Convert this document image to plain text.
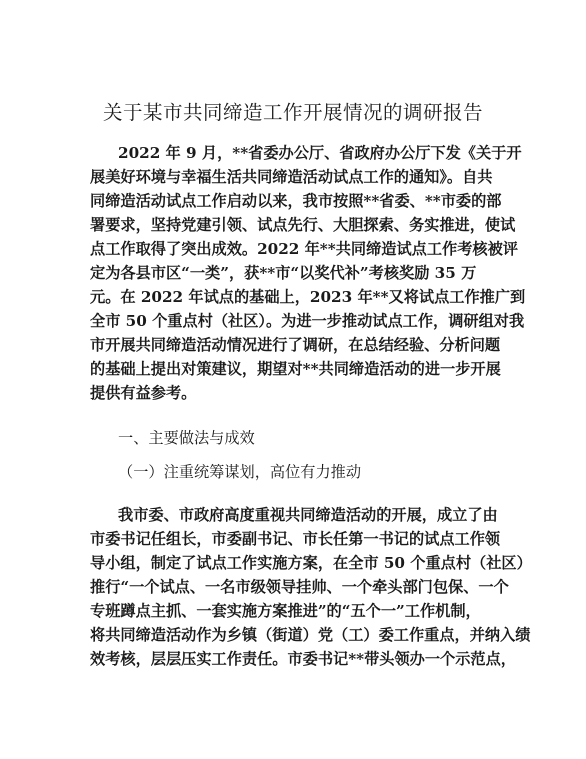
关于某市共同缔造工作开展情况的调研报告
2022 年 9 月，**省委办公厅、省政府办公厅下发《关于开
展美好环境与幸福生活共同缔造活动试点工作的通知》。自共
同缔造活动试点工作启动以来，我市按照**省委、**市委的部
署要求，坚持党建引领、试点先行、大胆探索、务实推进，使试
点工作取得了突出成效。2022 年**共同缔造试点工作考核被评
定为各县市区“一类”，获**市“以奖代补”考核奖励 35 万
元。在 2022 年试点的基础上，2023 年**又将试点工作推广到
全市 50 个重点村（社区）。为进一步推动试点工作，调研组对我
市开展共同缔造活动情况进行了调研，在总结经验、分析问题
的基础上提出对策建议，期望对**共同缔造活动的进一步开展
提供有益参考。
一、主要做法与成效
（一）注重统筹谋划，高位有力推动
我市委、市政府高度重视共同缔造活动的开展，成立了由
市委书记任组长，市委副书记、市长任第一书记的试点工作领
导小组，制定了试点工作实施方案，在全市 50 个重点村（社区）
推行“一个试点、一名市级领导挂帅、一个牵头部门包保、一个
专班蹲点主抓、一套实施方案推进”的“五个一”工作机制，
将共同缔造活动作为乡镇（街道）党（工）委工作重点，并纳入绩
效考核，层层压实工作责任。市委书记**带头领办一个示范点，
